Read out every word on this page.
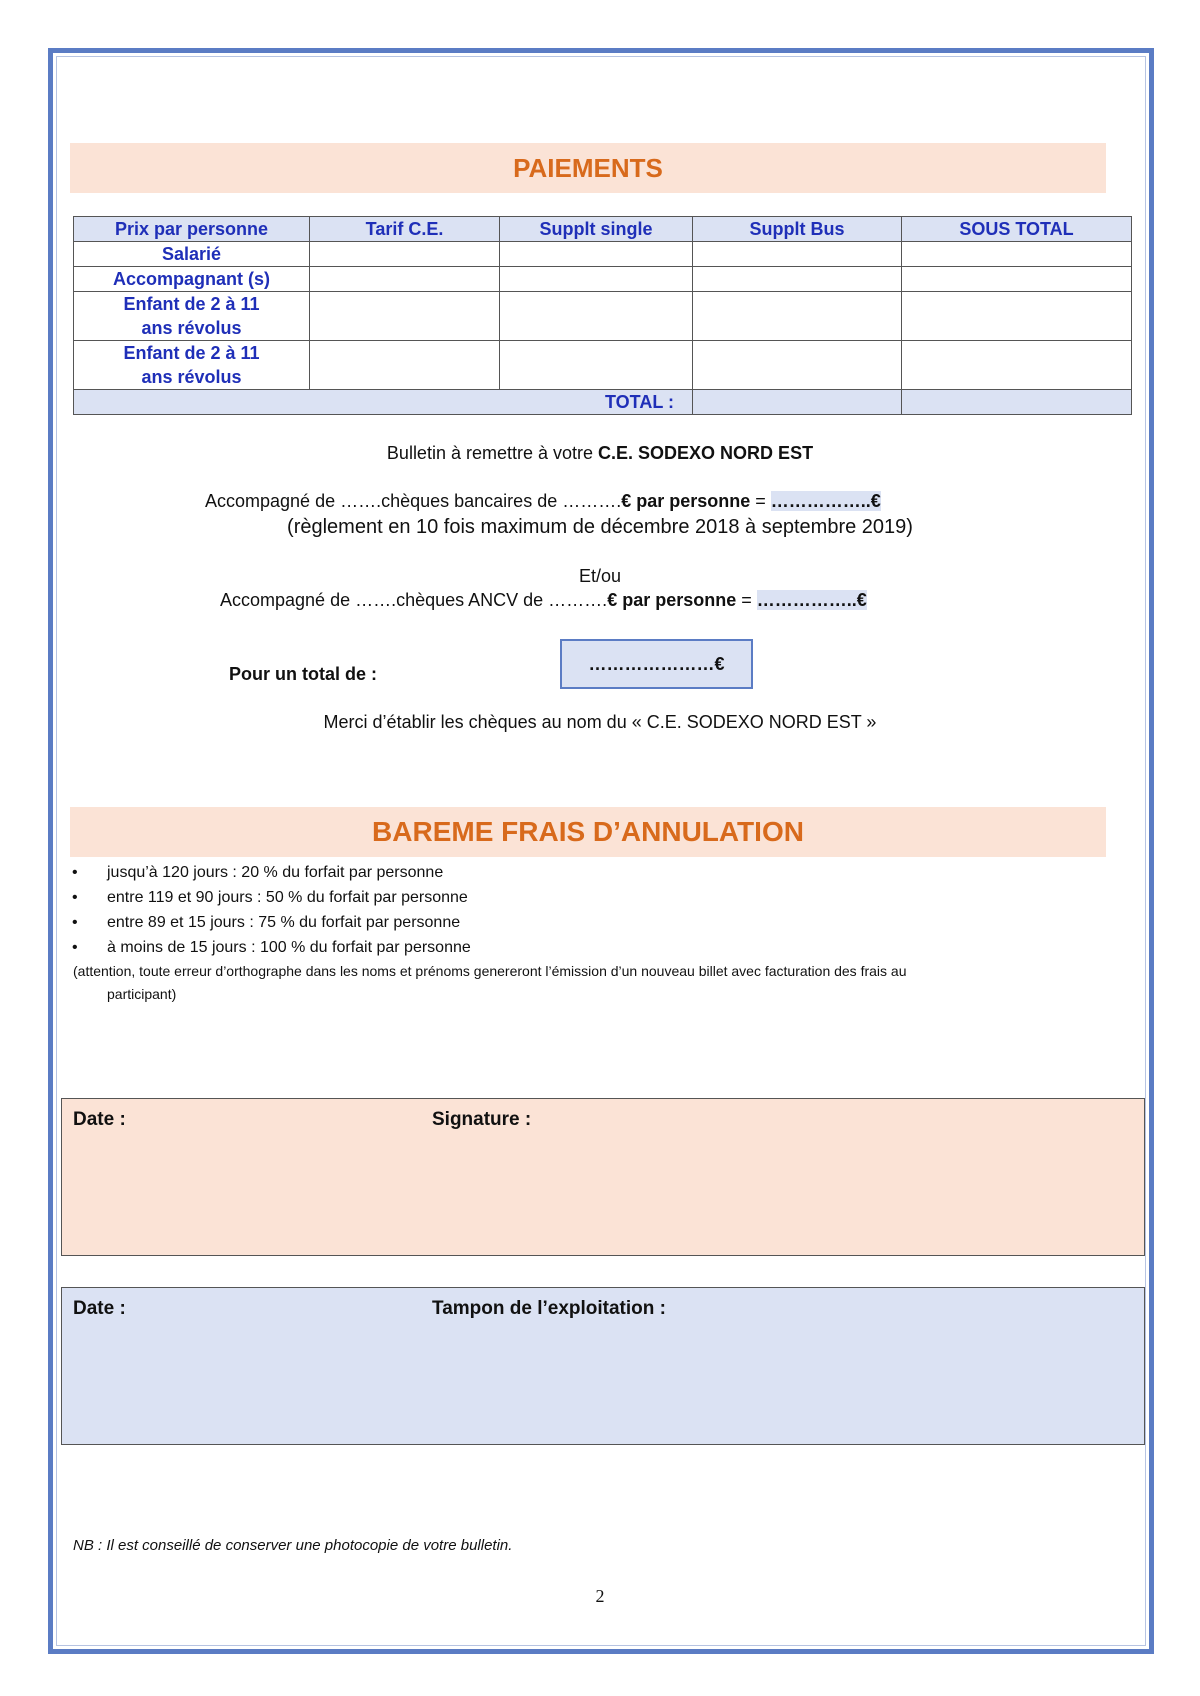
PAIEMENTS
Prix par personne	Tarif C.E.	Supplt single	Supplt Bus	SOUS TOTAL
Salarié				
Accompagnant (s)				
Enfant de 2 à 11 ans révolus				
Enfant de 2 à 11 ans révolus				
TOTAL :				
Bulletin à remettre à votre C.E. SODEXO NORD EST
Accompagné de …….chèques bancaires de ……….€ par personne = ……………..€
(règlement en 10 fois maximum de décembre 2018 à septembre 2019)
Et/ou
Accompagné de …….chèques ANCV de ……….€ par personne = ……………..€
Pour un total de :	…………………€
Merci d’établir les chèques au nom du « C.E. SODEXO NORD EST »
BAREME FRAIS D’ANNULATION
• jusqu’à 120 jours : 20 % du forfait par personne
• entre 119 et 90 jours : 50 % du forfait par personne
• entre 89 et 15 jours : 75 % du forfait par personne
• à moins de 15 jours : 100 % du forfait par personne
(attention, toute erreur d’orthographe dans les noms et prénoms genereront l’émission d’un nouveau billet avec facturation des frais au
participant)
Date :	Signature :
Date :	Tampon de l’exploitation :
NB : Il est conseillé de conserver une photocopie de votre bulletin.
2
